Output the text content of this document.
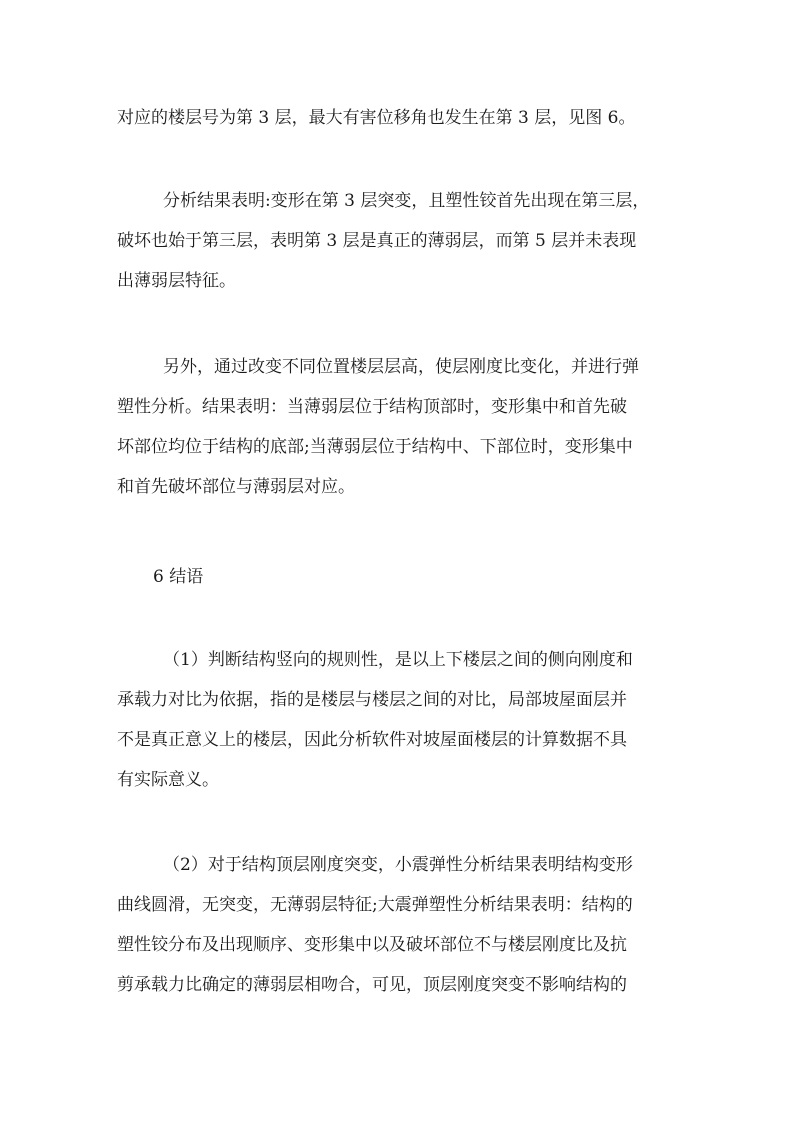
对应的楼层号为第 3 层，最大有害位移角也发生在第 3 层，见图 6。

分析结果表明:变形在第 3 层突变，且塑性铰首先出现在第三层，
破坏也始于第三层，表明第 3 层是真正的薄弱层，而第 5 层并未表现
出薄弱层特征。

另外，通过改变不同位置楼层层高，使层刚度比变化，并进行弹
塑性分析。结果表明：当薄弱层位于结构顶部时，变形集中和首先破
坏部位均位于结构的底部;当薄弱层位于结构中、下部位时，变形集中
和首先破坏部位与薄弱层对应。

6 结语

（1）判断结构竖向的规则性，是以上下楼层之间的侧向刚度和
承载力对比为依据，指的是楼层与楼层之间的对比，局部坡屋面层并
不是真正意义上的楼层，因此分析软件对坡屋面楼层的计算数据不具
有实际意义。

（2）对于结构顶层刚度突变，小震弹性分析结果表明结构变形
曲线圆滑，无突变，无薄弱层特征;大震弹塑性分析结果表明：结构的
塑性铰分布及出现顺序、变形集中以及破坏部位不与楼层刚度比及抗
剪承载力比确定的薄弱层相吻合，可见，顶层刚度突变不影响结构的
